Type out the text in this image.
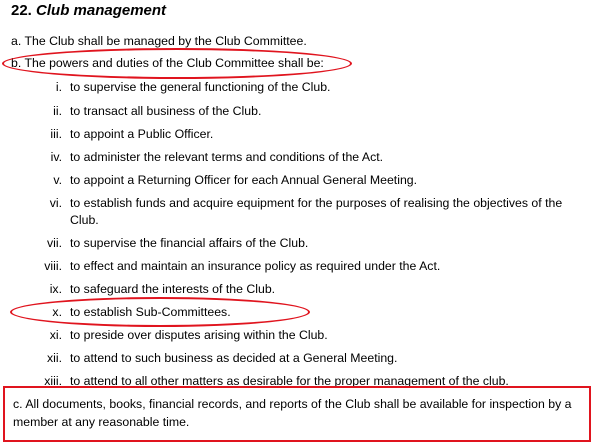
22. Club management
a. The Club shall be managed by the Club Committee.
b. The powers and duties of the Club Committee shall be:
i. to supervise the general functioning of the Club.
ii. to transact all business of the Club.
iii. to appoint a Public Officer.
iv. to administer the relevant terms and conditions of the Act.
v. to appoint a Returning Officer for each Annual General Meeting.
vi. to establish funds and acquire equipment for the purposes of realising the objectives of the Club.
vii. to supervise the financial affairs of the Club.
viii. to effect and maintain an insurance policy as required under the Act.
ix. to safeguard the interests of the Club.
x. to establish Sub-Committees.
xi. to preside over disputes arising within the Club.
xii. to attend to such business as decided at a General Meeting.
xiii. to attend to all other matters as desirable for the proper management of the club.
c. All documents, books, financial records, and reports of the Club shall be available for inspection by a member at any reasonable time.
